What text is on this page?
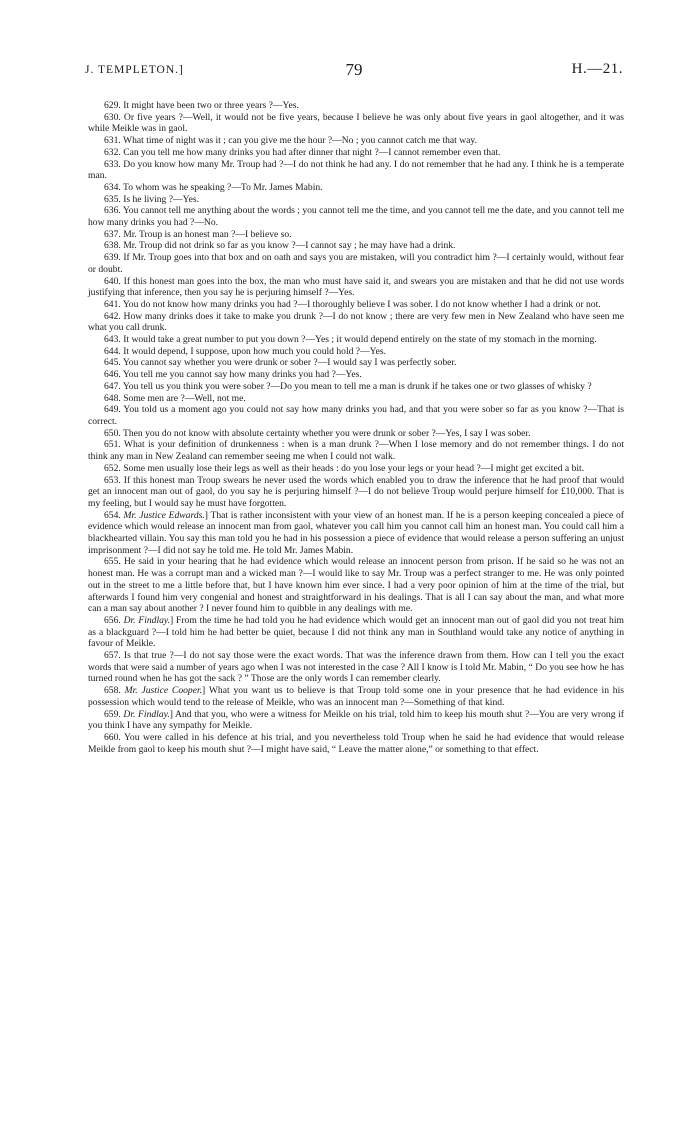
J. TEMPLETON.]	79	H.—21.

629. It might have been two or three years ?—Yes.

630. Or five years ?—Well, it would not be five years, because I believe he was only about five years in gaol altogether, and it was while Meikle was in gaol.

631. What time of night was it ; can you give me the hour ?—No ; you cannot catch me that way.

632. Can you tell me how many drinks you had after dinner that night ?—I cannot remember even that.

633. Do you know how many Mr. Troup had ?—I do not think he had any. I do not remember that he had any. I think he is a temperate man.

634. To whom was he speaking ?—To Mr. James Mabin.

635. Is he living ?—Yes.

636. You cannot tell me anything about the words ; you cannot tell me the time, and you cannot tell me the date, and you cannot tell me how many drinks you had ?—No.

637. Mr. Troup is an honest man ?—I believe so.

638. Mr. Troup did not drink so far as you know ?—I cannot say ; he may have had a drink.

639. If Mr. Troup goes into that box and on oath and says you are mistaken, will you contradict him ?—I certainly would, without fear or doubt.

640. If this honest man goes into the box, the man who must have said it, and swears you are mistaken and that he did not use words justifying that inference, then you say he is perjuring himself ?—Yes.

641. You do not know how many drinks you had ?—I thoroughly believe I was sober. I do not know whether I had a drink or not.

642. How many drinks does it take to make you drunk ?—I do not know ; there are very few men in New Zealand who have seen me what you call drunk.

643. It would take a great number to put you down ?—Yes ; it would depend entirely on the state of my stomach in the morning.

644. It would depend, I suppose, upon how much you could hold ?—Yes.

645. You cannot say whether you were drunk or sober ?—I would say I was perfectly sober.

646. You tell me you cannot say how many drinks you had ?—Yes.

647. You tell us you think you were sober ?—Do you mean to tell me a man is drunk if he takes one or two glasses of whisky ?

648. Some men are ?—Well, not me.

649. You told us a moment ago you could not say how many drinks you had, and that you were sober so far as you know ?—That is correct.

650. Then you do not know with absolute certainty whether you were drunk or sober ?—Yes, I say I was sober.

651. What is your definition of drunkenness : when is a man drunk ?—When I lose memory and do not remember things. I do not think any man in New Zealand can remember seeing me when I could not walk.

652. Some men usually lose their legs as well as their heads : do you lose your legs or your head ?—I might get excited a bit.

653. If this honest man Troup swears he never used the words which enabled you to draw the inference that he had proof that would get an innocent man out of gaol, do you say he is perjuring himself ?—I do not believe Troup would perjure himself for £10,000. That is my feeling, but I would say he must have forgotten.

654. Mr. Justice Edwards.] That is rather inconsistent with your view of an honest man. If he is a person keeping concealed a piece of evidence which would release an innocent man from gaol, whatever you call him you cannot call him an honest man. You could call him a blackhearted villain. You say this man told you he had in his possession a piece of evidence that would release a person suffering an unjust imprisonment ?—I did not say he told me. He told Mr. James Mabin.

655. He said in your hearing that he had evidence which would release an innocent person from prison. If he said so he was not an honest man. He was a corrupt man and a wicked man ?—I would like to say Mr. Troup was a perfect stranger to me. He was only pointed out in the street to me a little before that, but I have known him ever since. I had a very poor opinion of him at the time of the trial, but afterwards I found him very congenial and honest and straightforward in his dealings. That is all I can say about the man, and what more can a man say about another ? I never found him to quibble in any dealings with me.

656. Dr. Findlay.] From the time he had told you he had evidence which would get an innocent man out of gaol did you not treat him as a blackguard ?—I told him he had better be quiet, because I did not think any man in Southland would take any notice of anything in favour of Meikle.

657. Is that true ?—I do not say those were the exact words. That was the inference drawn from them. How can I tell you the exact words that were said a number of years ago when I was not interested in the case ? All I know is I told Mr. Mabin, “ Do you see how he has turned round when he has got the sack ? ” Those are the only words I can remember clearly.

658. Mr. Justice Cooper.] What you want us to believe is that Troup told some one in your presence that he had evidence in his possession which would tend to the release of Meikle, who was an innocent man ?—Something of that kind.

659. Dr. Findlay.] And that you, who were a witness for Meikle on his trial, told him to keep his mouth shut ?—You are very wrong if you think I have any sympathy for Meikle.

660. You were called in his defence at his trial, and you nevertheless told Troup when he said he had evidence that would release Meikle from gaol to keep his mouth shut ?—I might have said, “ Leave the matter alone,” or something to that effect.
